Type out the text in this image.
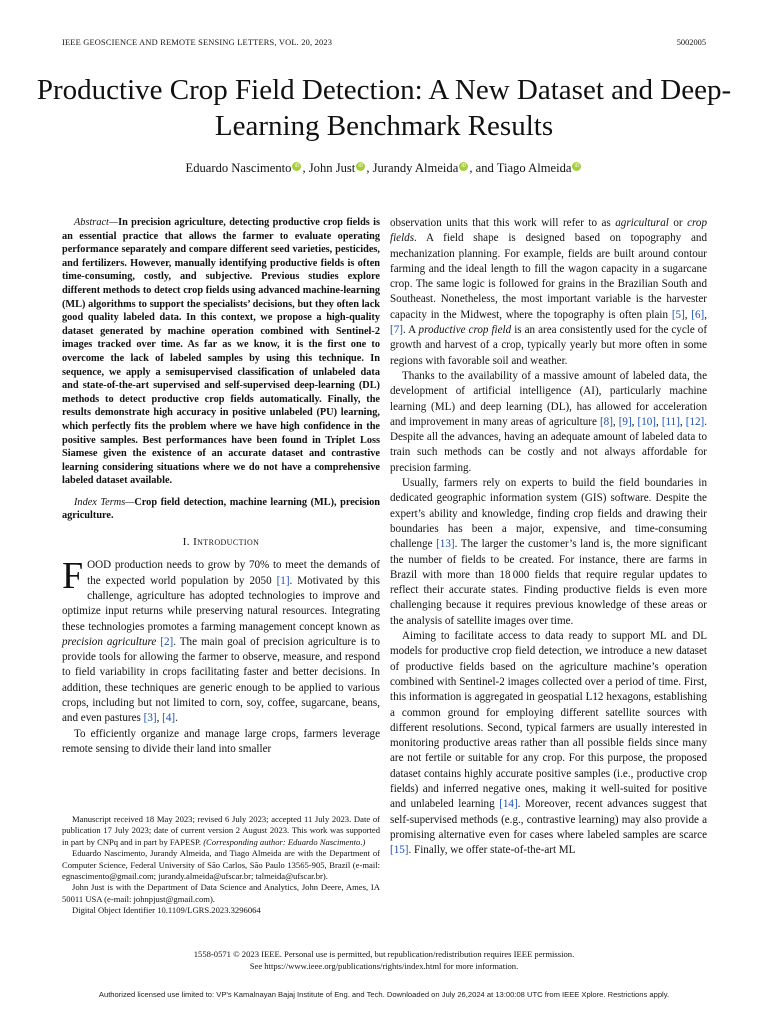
IEEE GEOSCIENCE AND REMOTE SENSING LETTERS, VOL. 20, 2023	5002005
Productive Crop Field Detection: A New Dataset and Deep-Learning Benchmark Results
Eduardo Nascimento iD , John Just iD , Jurandy Almeida iD , and Tiago Almeida iD

Abstract—In precision agriculture, detecting productive crop fields is an essential practice that allows the farmer to evaluate operating performance separately and compare different seed varieties, pesticides, and fertilizers. However, manually identifying productive fields is often time-consuming, costly, and subjective. Previous studies explore different methods to detect crop fields using advanced machine-learning (ML) algorithms to support the specialists’ decisions, but they often lack good quality labeled data. In this context, we propose a high-quality dataset generated by machine operation combined with Sentinel-2 images tracked over time. As far as we know, it is the first one to overcome the lack of labeled samples by using this technique. In sequence, we apply a semisupervised classification of unlabeled data and state-of-the-art supervised and self-supervised deep-learning (DL) methods to detect productive crop fields automatically. Finally, the results demonstrate high accuracy in positive unlabeled (PU) learning, which perfectly fits the problem where we have high confidence in the positive samples. Best performances have been found in Triplet Loss Siamese given the existence of an accurate dataset and contrastive learning considering situations where we do not have a comprehensive labeled dataset available.

Index Terms—Crop field detection, machine learning (ML), precision agriculture.

I. Introduction

FOOD production needs to grow by 70% to meet the demands of the expected world population by 2050 [1]. Motivated by this challenge, agriculture has adopted technologies to improve and optimize input returns while preserving natural resources. Integrating these technologies promotes a farming management concept known as precision agriculture [2]. The main goal of precision agriculture is to provide tools for allowing the farmer to observe, measure, and respond to field variability in crops facilitating faster and better decisions. In addition, these techniques are generic enough to be applied to various crops, including but not limited to corn, soy, coffee, sugarcane, beans, and even pastures [3], [4].

To efficiently organize and manage large crops, farmers leverage remote sensing to divide their land into smaller

Manuscript received 18 May 2023; revised 6 July 2023; accepted 11 July 2023. Date of publication 17 July 2023; date of current version 2 August 2023. This work was supported in part by CNPq and in part by FAPESP. (Corresponding author: Eduardo Nascimento.)

Eduardo Nascimento, Jurandy Almeida, and Tiago Almeida are with the Department of Computer Science, Federal University of São Carlos, São Paulo 13565-905, Brazil (e-mail: egnascimento@gmail.com; jurandy.almeida@ufscar.br; talmeida@ufscar.br).

John Just is with the Department of Data Science and Analytics, John Deere, Ames, IA 50011 USA (e-mail: johnpjust@gmail.com).

Digital Object Identifier 10.1109/LGRS.2023.3296064

observation units that this work will refer to as agricultural or crop fields. A field shape is designed based on topography and mechanization planning. For example, fields are built around contour farming and the ideal length to fill the wagon capacity in a sugarcane crop. The same logic is followed for grains in the Brazilian South and Southeast. Nonetheless, the most important variable is the harvester capacity in the Midwest, where the topography is often plain [5], [6], [7]. A productive crop field is an area consistently used for the cycle of growth and harvest of a crop, typically yearly but more often in some regions with favorable soil and weather.

Thanks to the availability of a massive amount of labeled data, the development of artificial intelligence (AI), particularly machine learning (ML) and deep learning (DL), has allowed for acceleration and improvement in many areas of agriculture [8], [9], [10], [11], [12]. Despite all the advances, having an adequate amount of labeled data to train such methods can be costly and not always affordable for precision farming.

Usually, farmers rely on experts to build the field boundaries in dedicated geographic information system (GIS) software. Despite the expert’s ability and knowledge, finding crop fields and drawing their boundaries has been a major, expensive, and time-consuming challenge [13]. The larger the customer’s land is, the more significant the number of fields to be created. For instance, there are farms in Brazil with more than 18 000 fields that require regular updates to reflect their accurate states. Finding productive fields is even more challenging because it requires previous knowledge of these areas or the analysis of satellite images over time.

Aiming to facilitate access to data ready to support ML and DL models for productive crop field detection, we introduce a new dataset of productive fields based on the agriculture machine’s operation combined with Sentinel-2 images collected over a period of time. First, this information is aggregated in geospatial L12 hexagons, establishing a common ground for employing different satellite sources with different resolutions. Second, typical farmers are usually interested in monitoring productive areas rather than all possible fields since many are not fertile or suitable for any crop. For this purpose, the proposed dataset contains highly accurate positive samples (i.e., productive crop fields) and inferred negative ones, making it well-suited for positive and unlabeled learning [14]. Moreover, recent advances suggest that self-supervised methods (e.g., contrastive learning) may also provide a promising alternative even for cases where labeled samples are scarce [15]. Finally, we offer state-of-the-art ML

1558-0571 © 2023 IEEE. Personal use is permitted, but republication/redistribution requires IEEE permission.
See https://www.ieee.org/publications/rights/index.html for more information.
Authorized licensed use limited to: VP's Kamalnayan Bajaj Institute of Eng. and Tech. Downloaded on July 26,2024 at 13:00:08 UTC from IEEE Xplore. Restrictions apply.
